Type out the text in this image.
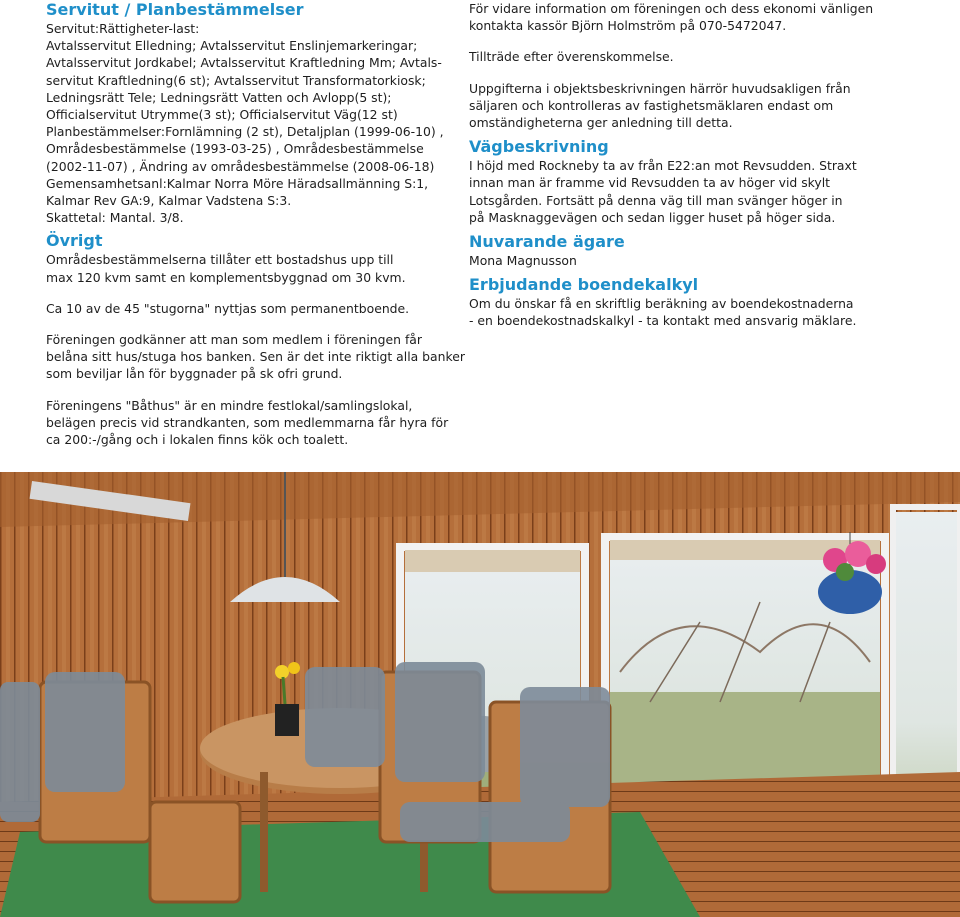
Servitut / Planbestämmelser

Servitut:Rättigheter-last:
Avtalsservitut Elledning; Avtalsservitut Enslinjemarkeringar;
Avtalsservitut Jordkabel; Avtalsservitut Kraftledning Mm; Avtals-
servitut Kraftledning(6 st); Avtalsservitut Transformatorkiosk;
Ledningsrätt Tele; Ledningsrätt Vatten och Avlopp(5 st);
Officialservitut Utrymme(3 st); Officialservitut Väg(12 st)
Planbestämmelser:Fornlämning (2 st), Detaljplan (1999-06-10) ,
Områdesbestämmelse (1993-03-25) , Områdesbestämmelse
(2002-11-07) , Ändring av områdesbestämmelse (2008-06-18)
Gemensamhetsanl:Kalmar Norra Möre Häradsallmänning S:1,
Kalmar Rev GA:9, Kalmar Vadstena S:3.
Skattetal: Mantal. 3/8.

Övrigt

Områdesbestämmelserna tillåter ett bostadshus upp till
max 120 kvm samt en komplementsbyggnad om 30 kvm.

Ca 10 av de 45 "stugorna" nyttjas som permanentboende.

Föreningen godkänner att man som medlem i föreningen får
belåna sitt hus/stuga hos banken. Sen är det inte riktigt alla banker
som beviljar lån för byggnader på sk ofri grund.

Föreningens "Båthus" är en mindre festlokal/samlingslokal,
belägen precis vid strandkanten, som medlemmarna får hyra för
ca 200:-/gång och i lokalen finns kök och toalett.

För vidare information om föreningen och dess ekonomi vänligen
kontakta kassör Björn Holmström på 070-5472047.

Tillträde efter överenskommelse.

Uppgifterna i objektsbeskrivningen härrör huvudsakligen från
säljaren och kontrolleras av fastighetsmäklaren endast om
omständigheterna ger anledning till detta.

Vägbeskrivning

I höjd med Rockneby ta av från E22:an mot Revsudden. Straxt
innan man är framme vid Revsudden ta av höger vid skylt
Lotsgården. Fortsätt på denna väg till man svänger höger in
på Masknaggevägen och sedan ligger huset på höger sida.

Nuvarande ägare

Mona Magnusson

Erbjudande boendekalkyl

Om du önskar få en skriftlig beräkning av boendekostnaderna
- en boendekostnadskalkyl - ta kontakt med ansvarig mäklare.
